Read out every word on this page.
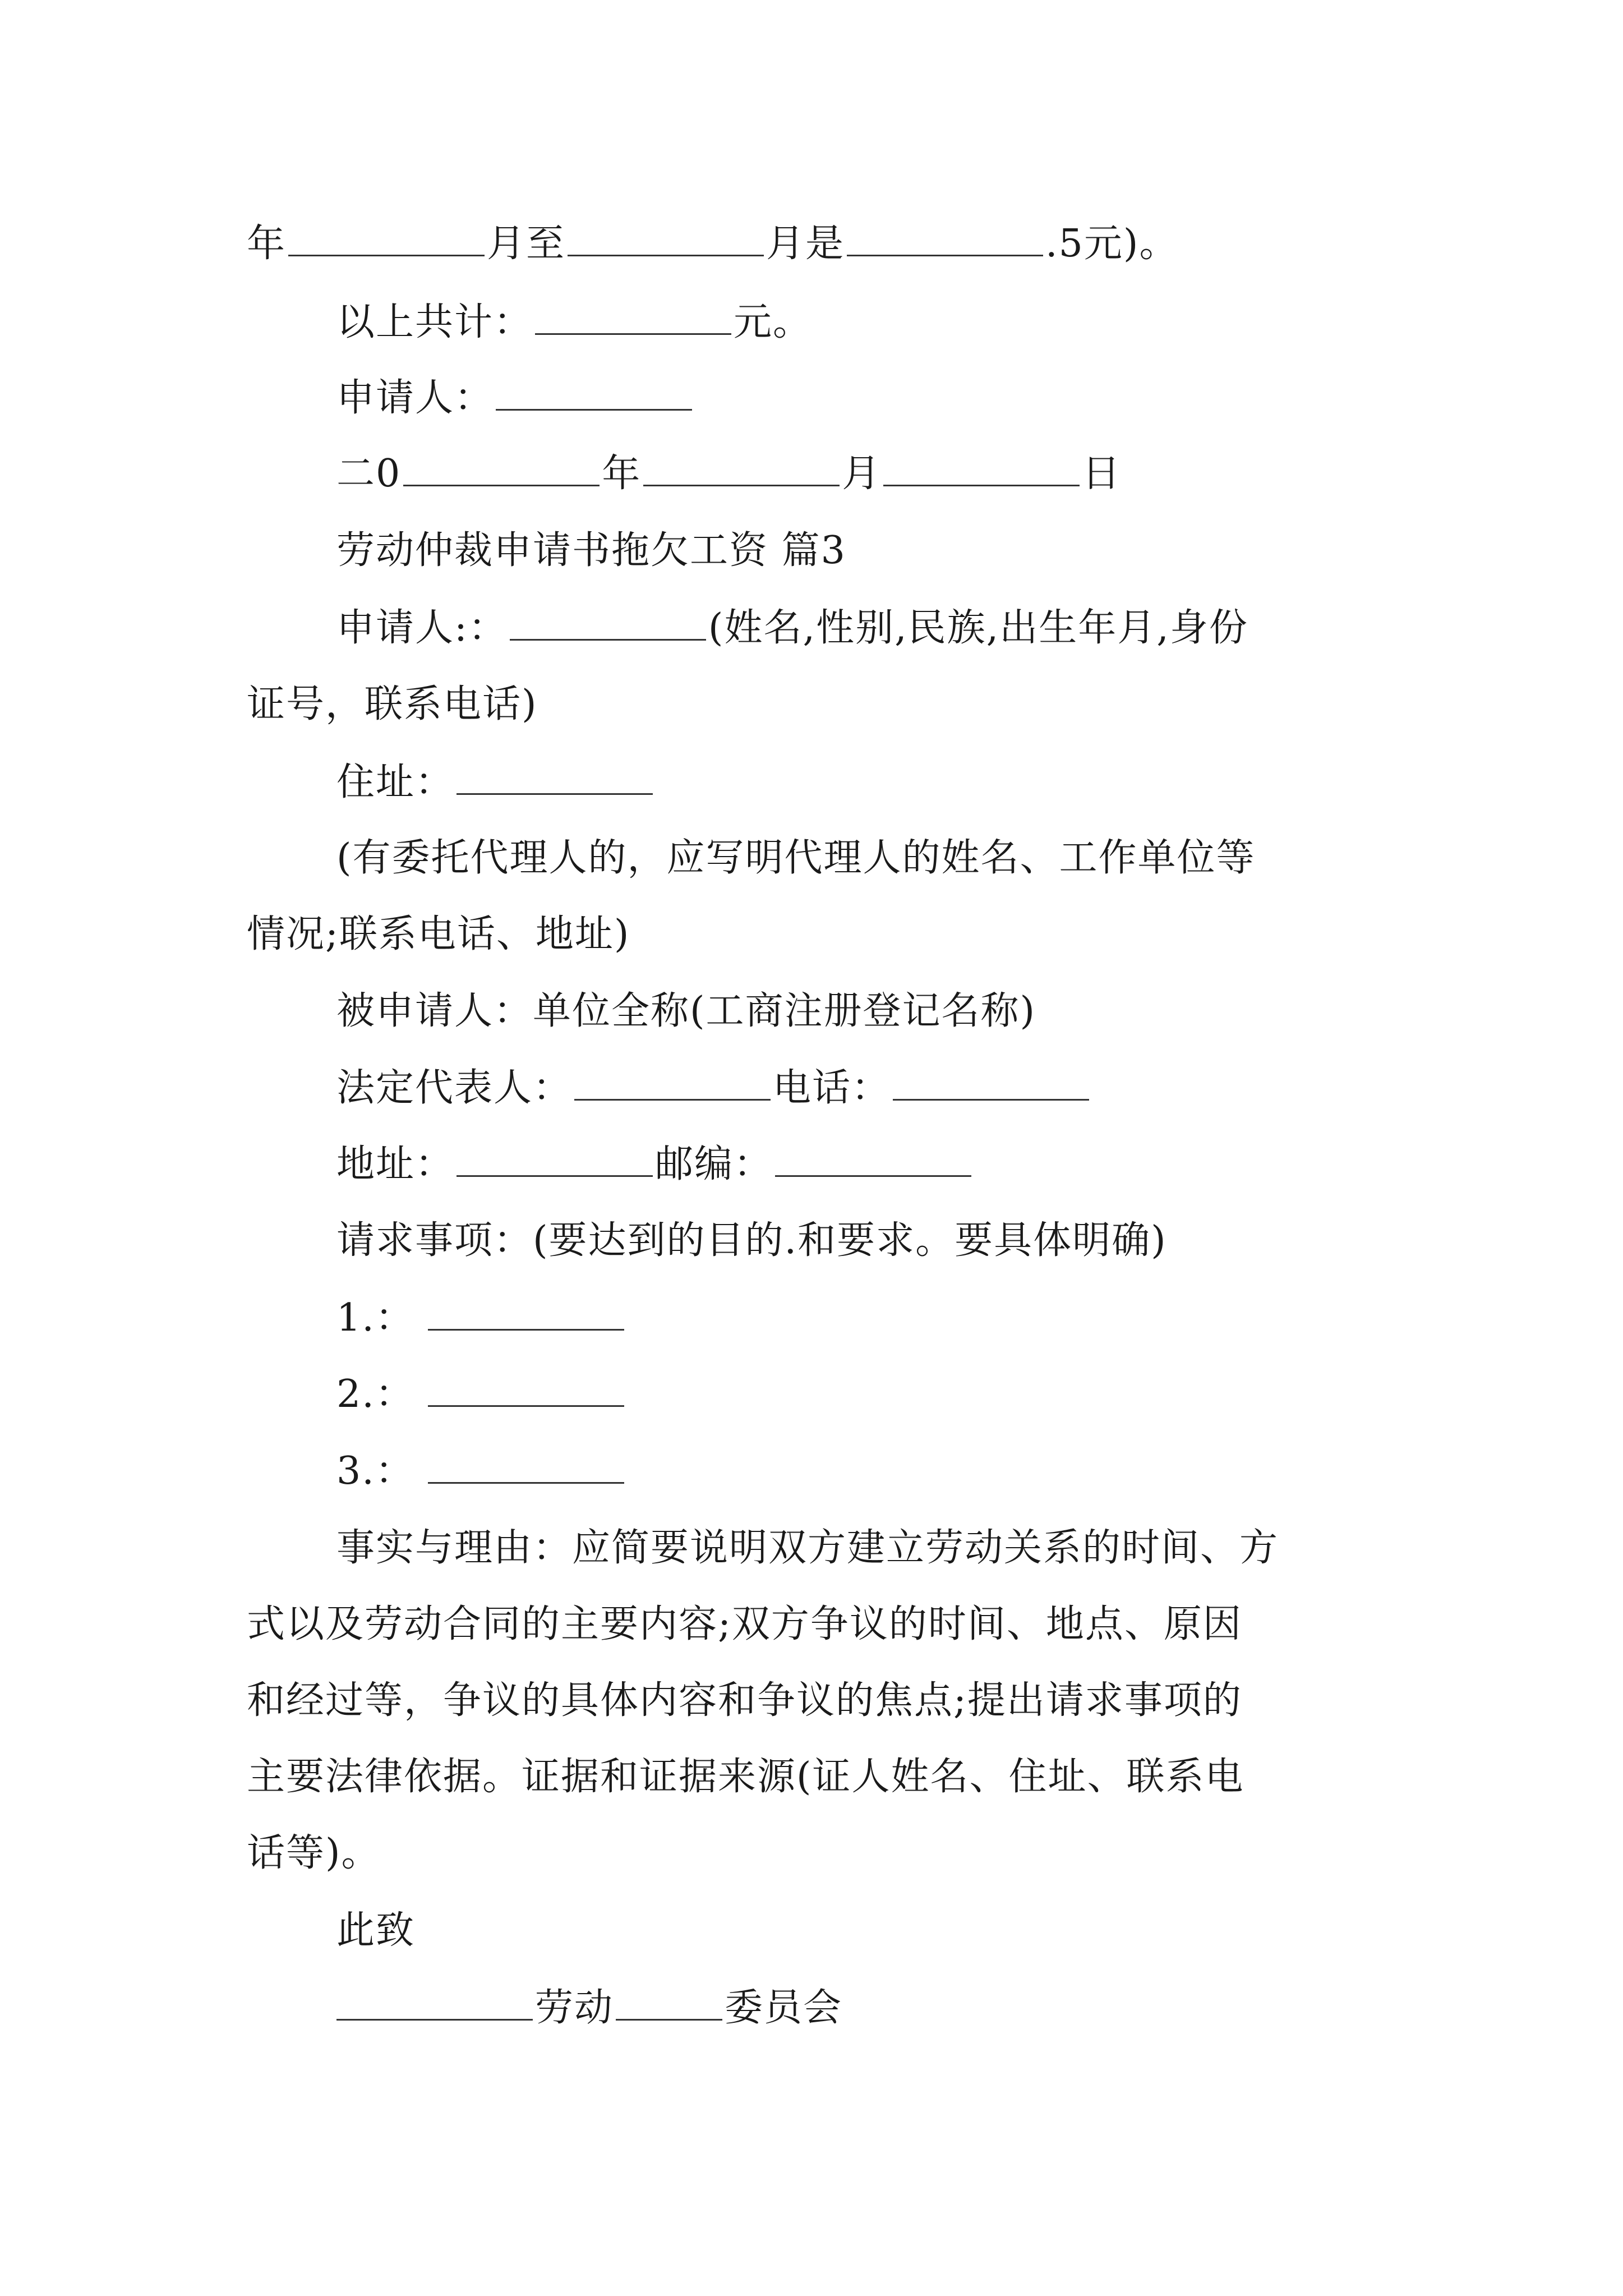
年	月至	月是	.5元)。
以上共计：	元。
申请人：
二0	年	月	日
劳动仲裁申请书拖欠工资 篇3
申请人:：	(姓名,性别,民族,出生年月,身份
证号，联系电话)
住址：
(有委托代理人的，应写明代理人的姓名、工作单位等
情况;联系电话、地址)
被申请人：单位全称(工商注册登记名称)
法定代表人：	电话：
地址：	邮编：
请求事项：(要达到的目的.和要求。要具体明确)
1.：
2.：
3.：
事实与理由：应简要说明双方建立劳动关系的时间、方
式以及劳动合同的主要内容;双方争议的时间、地点、原因
和经过等，争议的具体内容和争议的焦点;提出请求事项的
主要法律依据。证据和证据来源(证人姓名、住址、联系电
话等)。
此致
劳动	委员会
